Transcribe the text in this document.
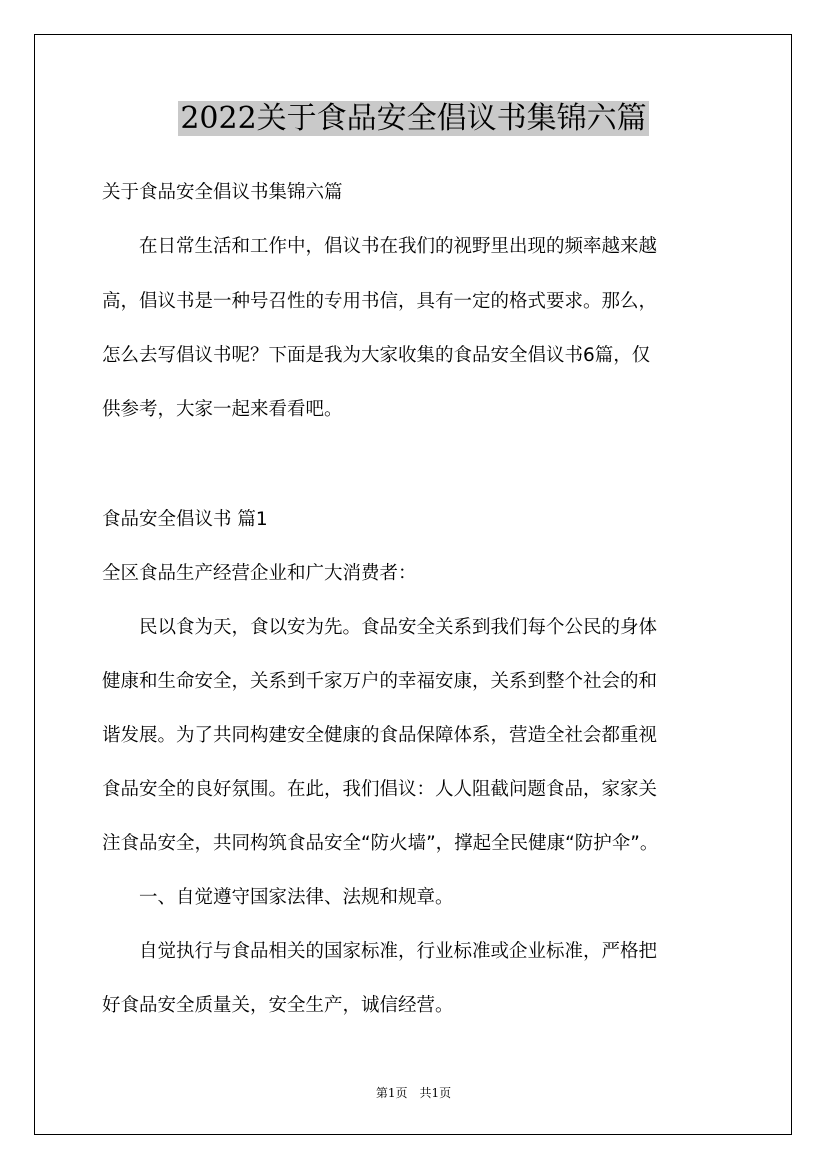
2022关于食品安全倡议书集锦六篇
关于食品安全倡议书集锦六篇
　　在日常生活和工作中，倡议书在我们的视野里出现的频率越来越
高，倡议书是一种号召性的专用书信，具有一定的格式要求。那么，
怎么去写倡议书呢？下面是我为大家收集的食品安全倡议书6篇，仅
供参考，大家一起来看看吧。
食品安全倡议书 篇1
全区食品生产经营企业和广大消费者：
　　民以食为天，食以安为先。食品安全关系到我们每个公民的身体
健康和生命安全，关系到千家万户的幸福安康，关系到整个社会的和
谐发展。为了共同构建安全健康的食品保障体系，营造全社会都重视
食品安全的良好氛围。在此，我们倡议：人人阻截问题食品，家家关
注食品安全，共同构筑食品安全“防火墙”，撑起全民健康“防护伞”。
　　一、自觉遵守国家法律、法规和规章。
　　自觉执行与食品相关的国家标准，行业标准或企业标准，严格把
好食品安全质量关，安全生产，诚信经营。
第1页　共1页
